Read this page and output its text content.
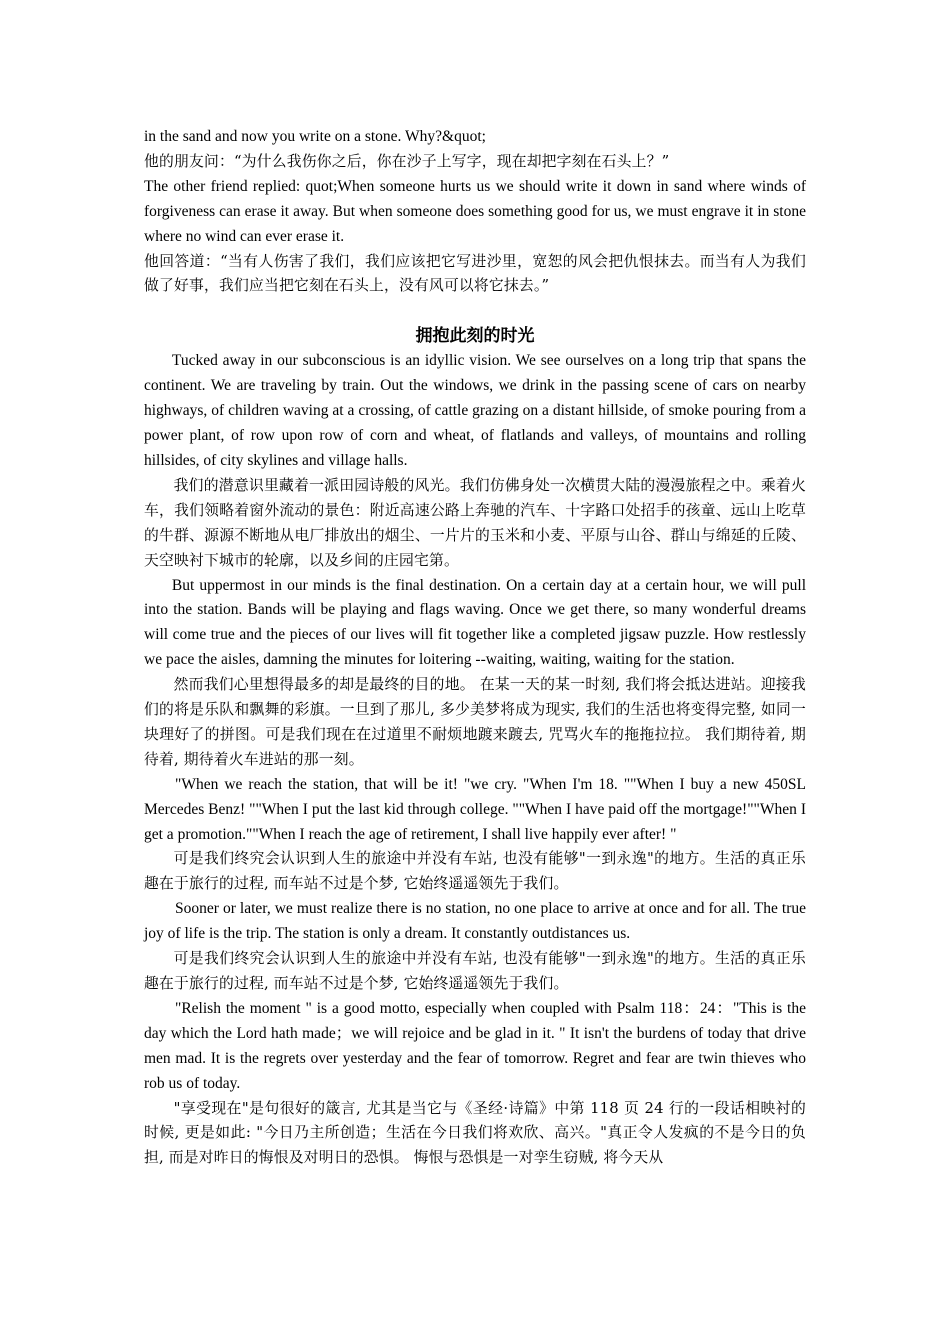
in the sand and now you write on a stone. Why?&quot;

他的朋友问：“为什么我伤你之后，你在沙子上写字，现在却把字刻在石头上？”

The other friend replied: quot;When someone hurts us we should write it down in sand where winds of forgiveness can erase it away. But when someone does something good for us, we must engrave it in stone where no wind can ever erase it.

他回答道：“当有人伤害了我们，我们应该把它写进沙里，宽恕的风会把仇恨抹去。而当有人为我们做了好事，我们应当把它刻在石头上，没有风可以将它抹去。”

拥抱此刻的时光

Tucked away in our subconscious is an idyllic vision. We see ourselves on a long trip that spans the continent. We are traveling by train. Out the windows, we drink in the passing scene of cars on nearby highways, of children waving at a crossing, of cattle grazing on a distant hillside, of smoke pouring from a power plant, of row upon row of corn and wheat, of flatlands and valleys, of mountains and rolling hillsides, of city skylines and village halls.

我们的潜意识里藏着一派田园诗般的风光。我们仿佛身处一次横贯大陆的漫漫旅程之中。乘着火车，我们领略着窗外流动的景色：附近高速公路上奔驰的汽车、十字路口处招手的孩童、远山上吃草的牛群、源源不断地从电厂排放出的烟尘、一片片的玉米和小麦、平原与山谷、群山与绵延的丘陵、天空映衬下城市的轮廓，以及乡间的庄园宅第。

But uppermost in our minds is the final destination. On a certain day at a certain hour, we will pull into the station. Bands will be playing and flags waving. Once we get there, so many wonderful dreams will come true and the pieces of our lives will fit together like a completed jigsaw puzzle. How restlessly we pace the aisles, damning the minutes for loitering --waiting, waiting, waiting for the station.

然而我们心里想得最多的却是最终的目的地。 在某一天的某一时刻, 我们将会抵达进站。迎接我们的将是乐队和飘舞的彩旗。一旦到了那儿, 多少美梦将成为现实, 我们的生活也将变得完整, 如同一块理好了的拼图。可是我们现在在过道里不耐烦地踱来踱去, 咒骂火车的拖拖拉拉。 我们期待着, 期待着, 期待着火车进站的那一刻。

"When we reach the station, that will be it! "we cry. "When I'm 18. ""When I buy a new 450SL Mercedes Benz! ""When I put the last kid through college. ""When I have paid off the mortgage!""When I get a promotion.""When I reach the age of retirement, I shall live happily ever after! "

可是我们终究会认识到人生的旅途中并没有车站, 也没有能够"一到永逸"的地方。生活的真正乐趣在于旅行的过程, 而车站不过是个梦, 它始终遥遥领先于我们。

Sooner or later, we must realize there is no station, no one place to arrive at once and for all. The true joy of life is the trip. The station is only a dream. It constantly outdistances us.

可是我们终究会认识到人生的旅途中并没有车站, 也没有能够"一到永逸"的地方。生活的真正乐趣在于旅行的过程, 而车站不过是个梦, 它始终遥遥领先于我们。

"Relish the moment " is a good motto, especially when coupled with Psalm 118：24："This is the day which the Lord hath made；we will rejoice and be glad in it. " It isn't the burdens of today that drive men mad. It is the regrets over yesterday and the fear of tomorrow. Regret and fear are twin thieves who rob us of today.

"享受现在"是句很好的箴言, 尤其是当它与《圣经·诗篇》中第 118 页 24 行的一段话相映衬的时候, 更是如此: "今日乃主所创造；生活在今日我们将欢欣、高兴。"真正令人发疯的不是今日的负担, 而是对昨日的悔恨及对明日的恐惧。 悔恨与恐惧是一对孪生窃贼, 将今天从
